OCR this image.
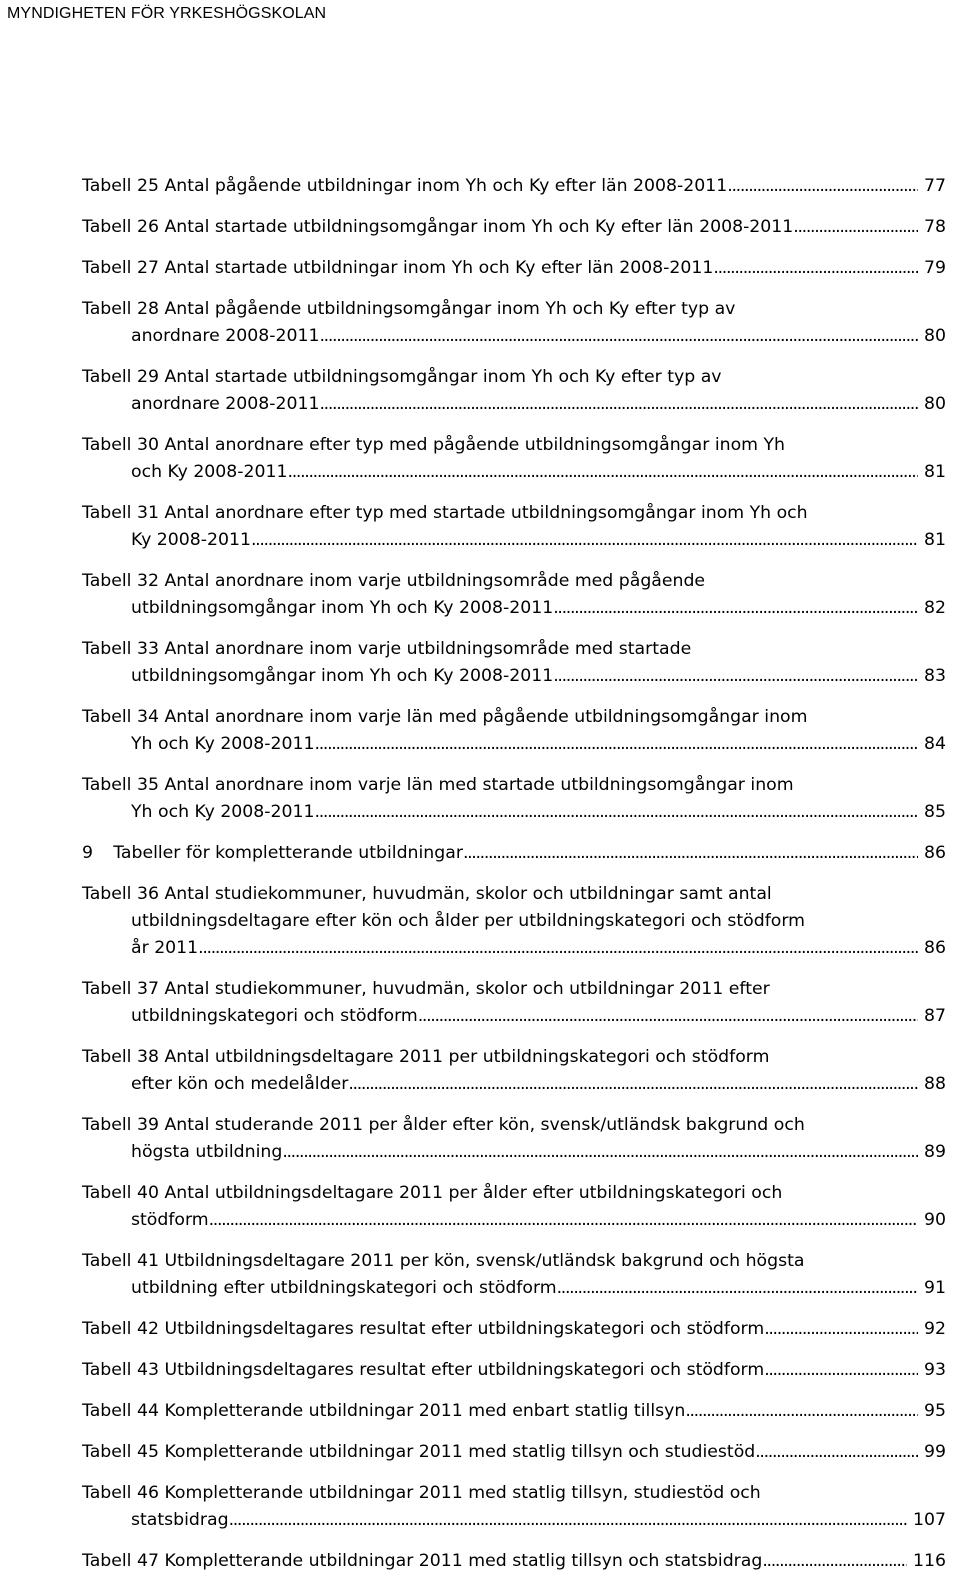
MYNDIGHETEN FÖR YRKESHÖGSKOLAN
Tabell 25 Antal pågående utbildningar inom Yh och Ky efter län 2008-2011 . . .	77
Tabell 26 Antal startade utbildningsomgångar inom Yh och Ky efter län 2008-2011 . . .	78
Tabell 27 Antal startade utbildningar inom Yh och Ky efter län 2008-2011 . . .	79
Tabell 28 Antal pågående utbildningsomgångar inom Yh och Ky efter typ av
anordnare 2008-2011 . . .	80
Tabell 29 Antal startade utbildningsomgångar inom Yh och Ky efter typ av
anordnare 2008-2011 . . .	80
Tabell 30 Antal anordnare efter typ med pågående utbildningsomgångar inom Yh
och Ky 2008-2011 . . .	81
Tabell 31 Antal anordnare efter typ med startade utbildningsomgångar inom Yh och
Ky 2008-2011 . . .	81
Tabell 32 Antal anordnare inom varje utbildningsområde med pågående
utbildningsomgångar inom Yh och Ky 2008-2011 . . .	82
Tabell 33 Antal anordnare inom varje utbildningsområde med startade
utbildningsomgångar inom Yh och Ky 2008-2011 . . .	83
Tabell 34 Antal anordnare inom varje län med pågående utbildningsomgångar inom
Yh och Ky 2008-2011 . . .	84
Tabell 35 Antal anordnare inom varje län med startade utbildningsomgångar inom
Yh och Ky 2008-2011 . . .	85
9	Tabeller för kompletterande utbildningar . . .	86
Tabell 36 Antal studiekommuner, huvudmän, skolor och utbildningar samt antal
utbildningsdeltagare efter kön och ålder per utbildningskategori och stödform
år 2011 . . .	86
Tabell 37 Antal studiekommuner, huvudmän, skolor och utbildningar 2011 efter
utbildningskategori och stödform . . .	87
Tabell 38 Antal utbildningsdeltagare 2011 per utbildningskategori och stödform
efter kön och medelålder . . .	88
Tabell 39 Antal studerande 2011 per ålder efter kön, svensk/utländsk bakgrund och
högsta utbildning . . .	89
Tabell 40 Antal utbildningsdeltagare 2011 per ålder efter utbildningskategori och
stödform . . .	90
Tabell 41 Utbildningsdeltagare 2011 per kön, svensk/utländsk bakgrund och högsta
utbildning efter utbildningskategori och stödform . . .	91
Tabell 42 Utbildningsdeltagares resultat efter utbildningskategori och stödform . . .	92
Tabell 43 Utbildningsdeltagares resultat efter utbildningskategori och stödform . . .	93
Tabell 44 Kompletterande utbildningar 2011 med enbart statlig tillsyn . . .	95
Tabell 45 Kompletterande utbildningar 2011 med statlig tillsyn och studiestöd . . .	99
Tabell 46 Kompletterande utbildningar 2011 med statlig tillsyn, studiestöd och
statsbidrag . . .	107
Tabell 47 Kompletterande utbildningar 2011 med statlig tillsyn och statsbidrag . . .	116
